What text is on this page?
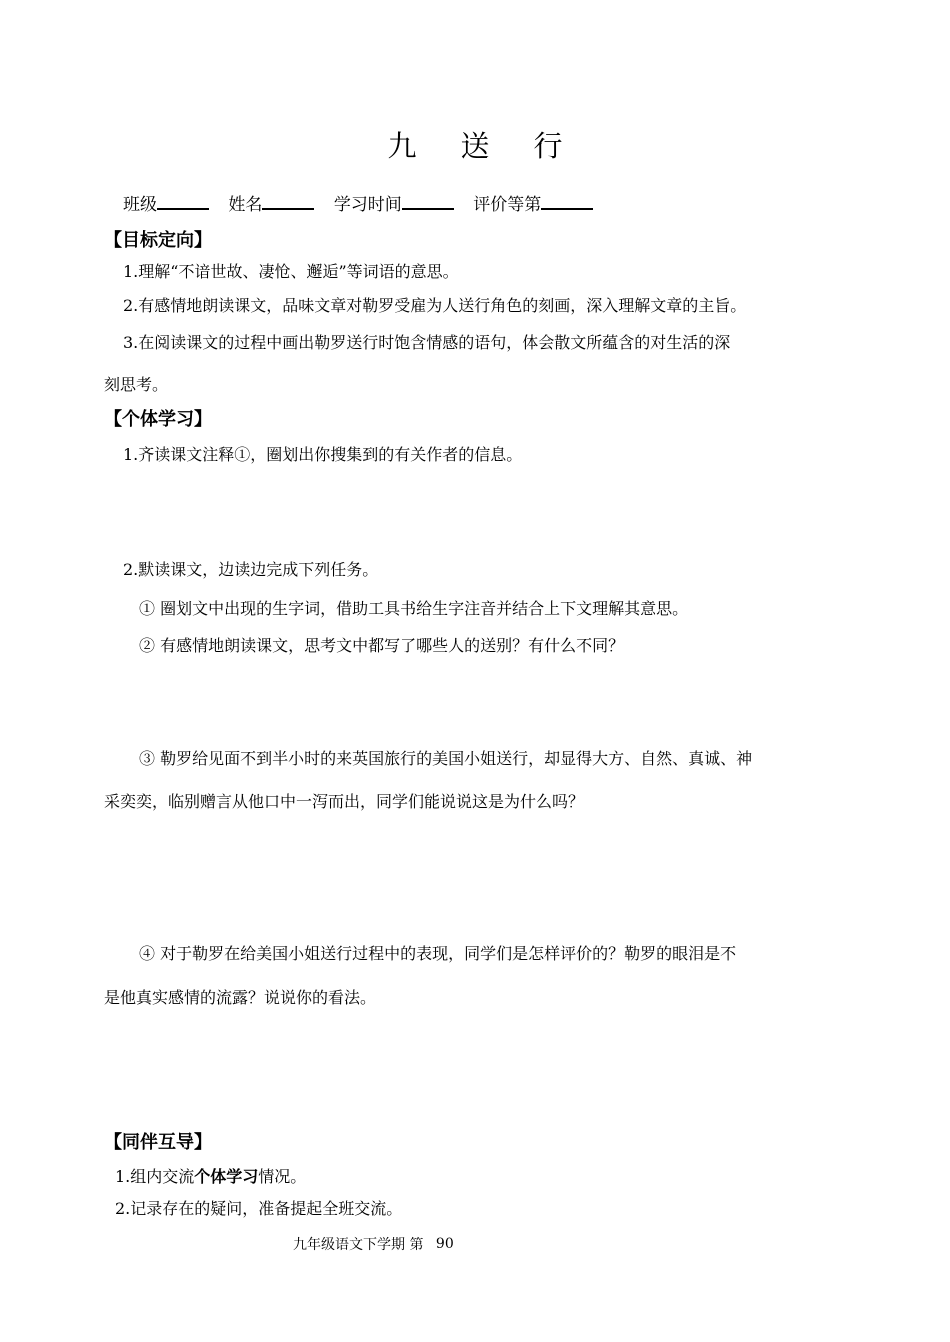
九 送 行
班级	姓名	学习时间	评价等第
【目标定向】
1.理解“不谙世故、凄怆、邂逅”等词语的意思。
2.有感情地朗读课文，品味文章对勒罗受雇为人送行角色的刻画，深入理解文章的主旨。
3.在阅读课文的过程中画出勒罗送行时饱含情感的语句，体会散文所蕴含的对生活的深
刻思考。
【个体学习】
1.齐读课文注释①，圈划出你搜集到的有关作者的信息。
2.默读课文，边读边完成下列任务。
① 圈划文中出现的生字词，借助工具书给生字注音并结合上下文理解其意思。
② 有感情地朗读课文，思考文中都写了哪些人的送别？有什么不同？
③ 勒罗给见面不到半小时的来英国旅行的美国小姐送行，却显得大方、自然、真诚、神
采奕奕，临别赠言从他口中一泻而出，同学们能说说这是为什么吗？
④ 对于勒罗在给美国小姐送行过程中的表现，同学们是怎样评价的？勒罗的眼泪是不
是他真实感情的流露？说说你的看法。
【同伴互导】
1.组内交流个体学习情况。
2.记录存在的疑问，准备提起全班交流。
九年级语文下学期 第 90
